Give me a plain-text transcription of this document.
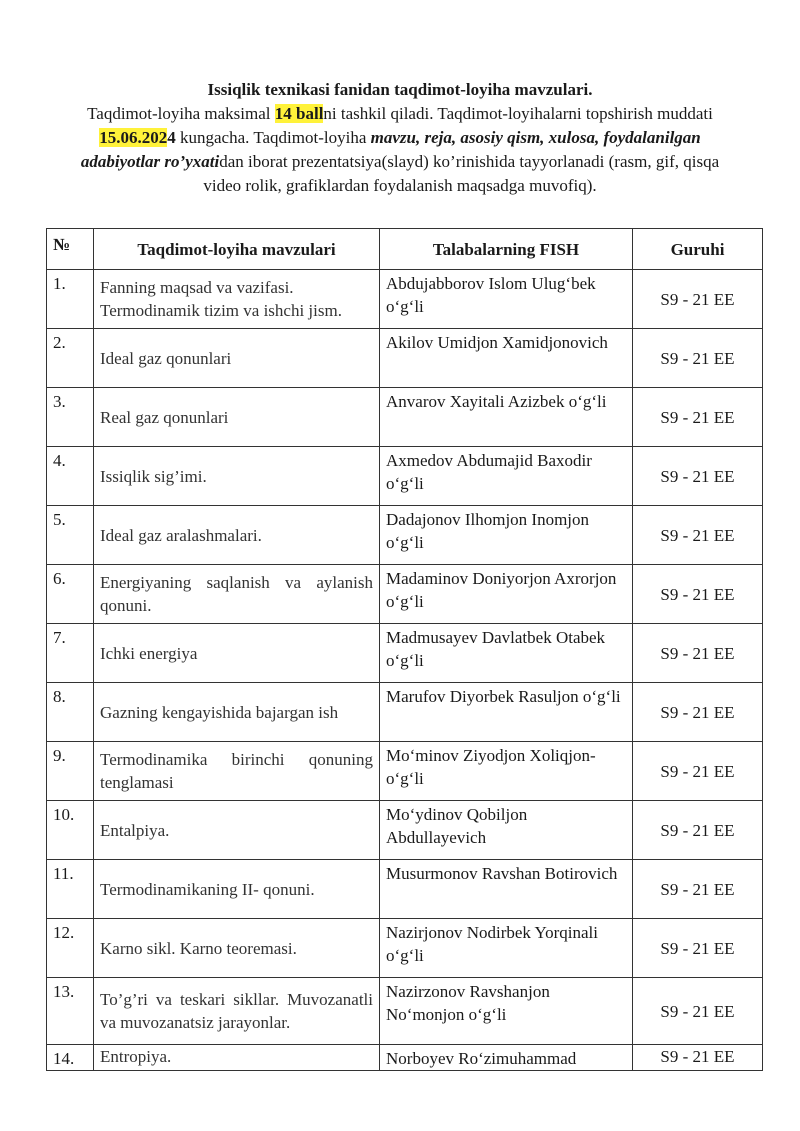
Issiqlik texnikasi fanidan taqdimot-loyiha mavzulari.
Taqdimot-loyiha maksimal 14 ballni tashkil qiladi. Taqdimot-loyihalarni topshirish muddati 15.06.2024 kungacha. Taqdimot-loyiha mavzu, reja, asosiy qism, xulosa, foydalanilgan adabiyotlar ro’yxatidan iborat prezentatsiya(slayd) ko’rinishida tayyorlanadi (rasm, gif, qisqa video rolik, grafiklardan foydalanish maqsadga muvofiq).
№	Taqdimot-loyiha mavzulari	Talabalarning FISH	Guruhi
1.	Fanning maqsad va vazifasi. Termodinamik tizim va ishchi jism.	Abdujabborov Islom Ulug‘bek o‘g‘li	S9 - 21 EE
2.	Ideal gaz qonunlari	Akilov Umidjon Xamidjonovich	S9 - 21 EE
3.	Real gaz qonunlari	Anvarov Xayitali Azizbek o‘g‘li	S9 - 21 EE
4.	Issiqlik sig’imi.	Axmedov Abdumajid Baxodir o‘g‘li	S9 - 21 EE
5.	Ideal gaz aralashmalari.	Dadajonov Ilhomjon Inomjon o‘g‘li	S9 - 21 EE
6.	Energiyaning saqlanish va aylanish qonuni.	Madaminov Doniyorjon Axrorjon o‘g‘li	S9 - 21 EE
7.	Ichki energiya	Madmusayev Davlatbek Otabek o‘g‘li	S9 - 21 EE
8.	Gazning kengayishida bajargan ish	Marufov Diyorbek Rasuljon o‘g‘li	S9 - 21 EE
9.	Termodinamika birinchi qonuning tenglamasi	Mo‘minov Ziyodjon Xoliqjon- o‘g‘li	S9 - 21 EE
10.	Entalpiya.	Mo‘ydinov Qobiljon Abdullayevich	S9 - 21 EE
11.	Termodinamikaning II- qonuni.	Musurmonov Ravshan Botirovich	S9 - 21 EE
12.	Karno sikl. Karno teoremasi.	Nazirjonov Nodirbek Yorqinali o‘g‘li	S9 - 21 EE
13.	To’g’ri va teskari sikllar. Muvozanatli va muvozanatsiz jarayonlar.	Nazirzonov Ravshanjon No‘monjon o‘g‘li	S9 - 21 EE
14.	Entropiya.	Norboyev Ro‘zimuhammad	S9 - 21 EE
